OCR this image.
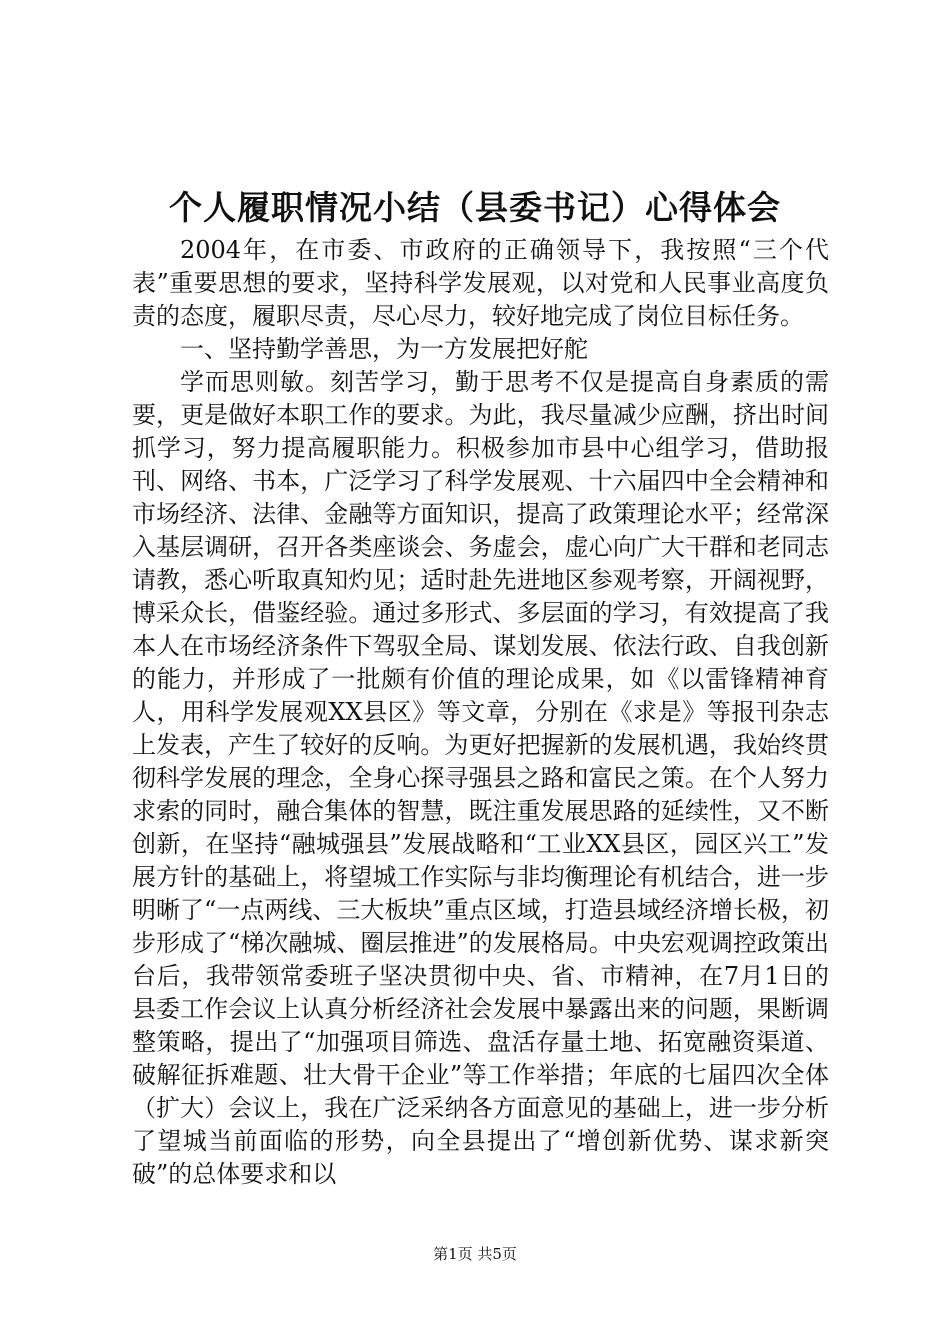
个人履职情况小结（县委书记）心得体会

2004年，在市委、市政府的正确领导下，我按照“三个代表”重要思想的要求，坚持科学发展观，以对党和人民事业高度负责的态度，履职尽责，尽心尽力，较好地完成了岗位目标任务。

一、坚持勤学善思，为一方发展把好舵

学而思则敏。刻苦学习，勤于思考不仅是提高自身素质的需要，更是做好本职工作的要求。为此，我尽量减少应酬，挤出时间抓学习，努力提高履职能力。积极参加市县中心组学习，借助报刊、网络、书本，广泛学习了科学发展观、十六届四中全会精神和市场经济、法律、金融等方面知识，提高了政策理论水平；经常深入基层调研，召开各类座谈会、务虚会，虚心向广大干群和老同志请教，悉心听取真知灼见；适时赴先进地区参观考察，开阔视野，博采众长，借鉴经验。通过多形式、多层面的学习，有效提高了我本人在市场经济条件下驾驭全局、谋划发展、依法行政、自我创新的能力，并形成了一批颇有价值的理论成果，如《以雷锋精神育人，用科学发展观XX县区》等文章，分别在《求是》等报刊杂志上发表，产生了较好的反响。为更好把握新的发展机遇，我始终贯彻科学发展的理念，全身心探寻强县之路和富民之策。在个人努力求索的同时，融合集体的智慧，既注重发展思路的延续性，又不断创新，在坚持“融城强县”发展战略和“工业XX县区，园区兴工”发展方针的基础上，将望城工作实际与非均衡理论有机结合，进一步明晰了“一点两线、三大板块”重点区域，打造县域经济增长极，初步形成了“梯次融城、圈层推进”的发展格局。中央宏观调控政策出台后，我带领常委班子坚决贯彻中央、省、市精神，在7月1日的县委工作会议上认真分析经济社会发展中暴露出来的问题，果断调整策略，提出了“加强项目筛选、盘活存量土地、拓宽融资渠道、破解征拆难题、壮大骨干企业”等工作举措；年底的七届四次全体（扩大）会议上，我在广泛采纳各方面意见的基础上，进一步分析了望城当前面临的形势，向全县提出了“增创新优势、谋求新突破”的总体要求和以

第1页 共5页
